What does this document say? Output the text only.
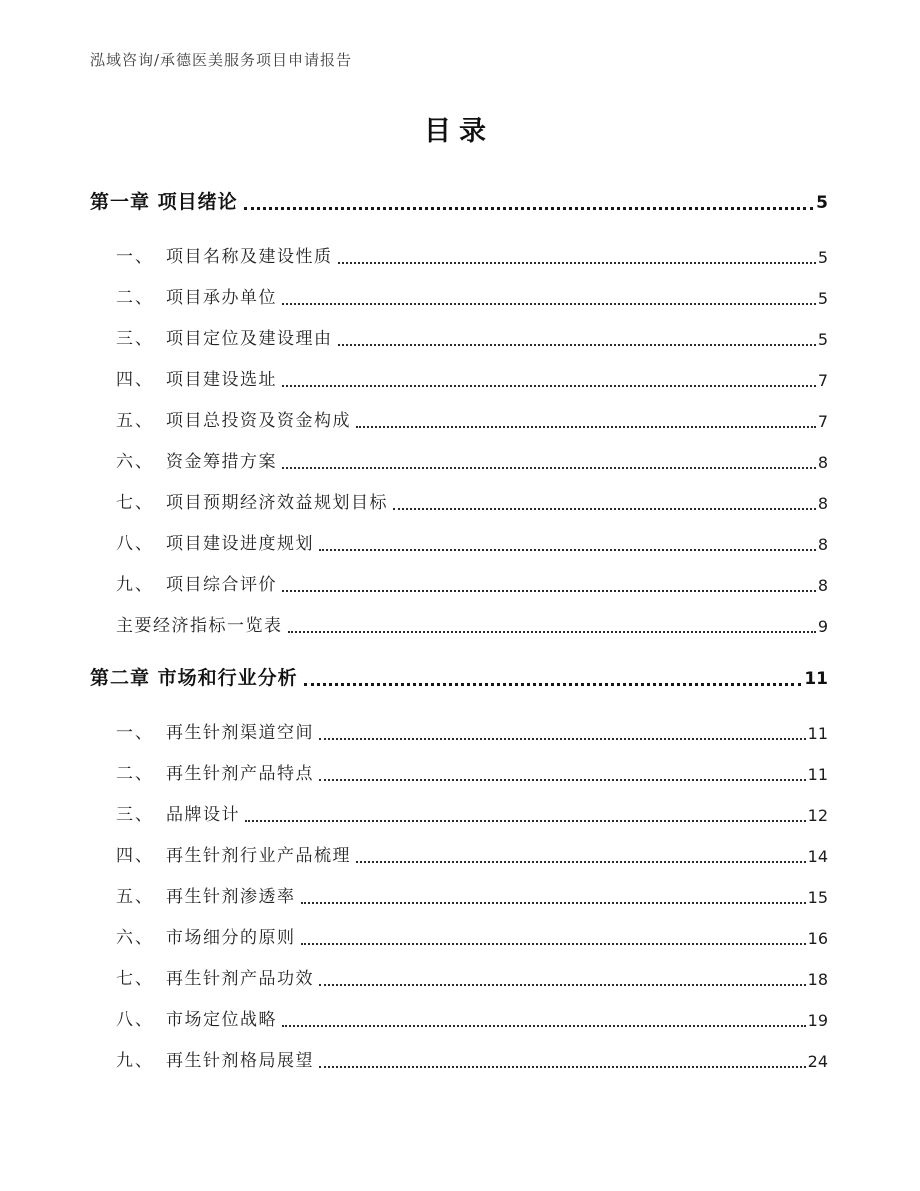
泓域咨询/承德医美服务项目申请报告
目录
第一章 项目绪论	5
一、 项目名称及建设性质	5
二、 项目承办单位	5
三、 项目定位及建设理由	5
四、 项目建设选址	7
五、 项目总投资及资金构成	7
六、 资金筹措方案	8
七、 项目预期经济效益规划目标	8
八、 项目建设进度规划	8
九、 项目综合评价	8
主要经济指标一览表	9
第二章 市场和行业分析	11
一、 再生针剂渠道空间	11
二、 再生针剂产品特点	11
三、 品牌设计	12
四、 再生针剂行业产品梳理	14
五、 再生针剂渗透率	15
六、 市场细分的原则	16
七、 再生针剂产品功效	18
八、 市场定位战略	19
九、 再生针剂格局展望	24
